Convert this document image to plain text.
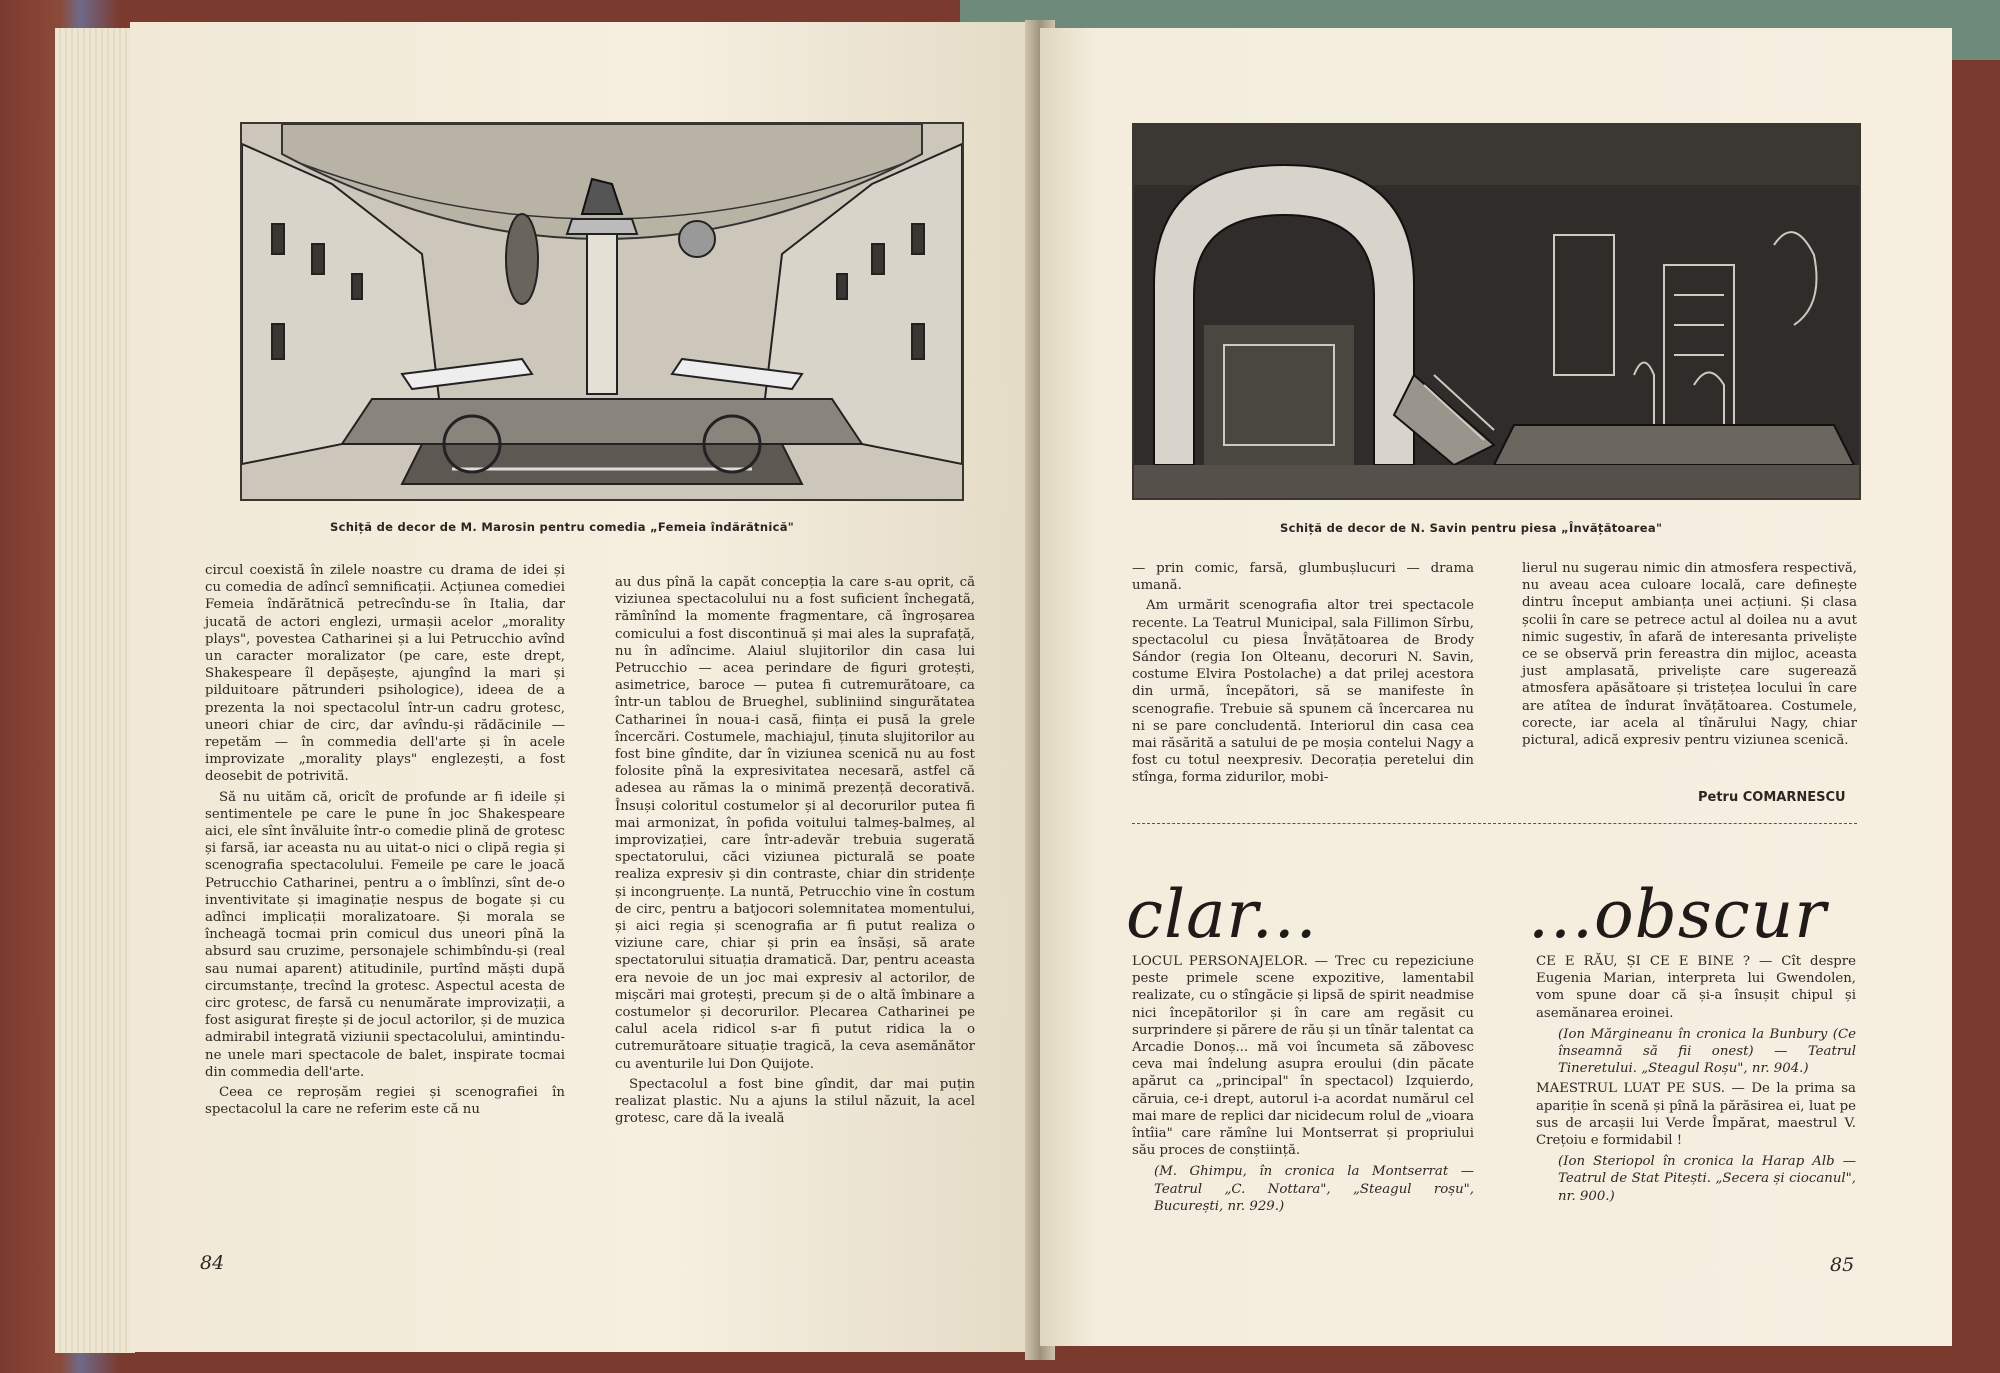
Schiță de decor de M. Marosin pentru comedia „Femeia îndărătnică"

circul coexistă în zilele noastre cu drama de idei și cu comedia de adîncî semnificații. Acțiunea comediei Femeia îndărătnică petrecîndu-se în Italia, dar jucată de actori englezi, urmașii acelor „morality plays", povestea Catharinei și a lui Petrucchio avînd un caracter moralizator (pe care, este drept, Shakespeare îl depășește, ajungînd la mari și pilduitoare pătrunderi psihologice), ideea de a prezenta la noi spectacolul într-un cadru grotesc, uneori chiar de circ, dar avîndu-și rădăcinile — repetăm — în commedia dell'arte și în acele improvizate „morality plays" englezești, a fost deosebit de potrivită.

Să nu uităm că, oricît de profunde ar fi ideile și sentimentele pe care le pune în joc Shakespeare aici, ele sînt învăluite într-o comedie plină de grotesc și farsă, iar aceasta nu au uitat-o nici o clipă regia și scenografia spectacolului. Femeile pe care le joacă Petrucchio Catharinei, pentru a o îmblînzi, sînt de-o inventivitate și imaginație nespus de bogate și cu adînci implicații moralizatoare. Și morala se încheagă tocmai prin comicul dus uneori pînă la absurd sau cruzime, personajele schimbîndu-și (real sau numai aparent) atitudinile, purtînd măști după circumstanțe, trecînd la grotesc. Aspectul acesta de circ grotesc, de farsă cu nenumărate improvizații, a fost asigurat firește și de jocul actorilor, și de muzica admirabil integrată viziunii spectacolului, amintindu-ne unele mari spectacole de balet, inspirate tocmai din commedia dell'arte.

Ceea ce reproșăm regiei și scenografiei în spectacolul la care ne referim este că nu

au dus pînă la capăt concepția la care s-au oprit, că viziunea spectacolului nu a fost suficient închegată, rămînînd la momente fragmentare, că îngroșarea comicului a fost discontinuă și mai ales la suprafață, nu în adîncime. Alaiul slujitorilor din casa lui Petrucchio — acea perindare de figuri grotești, asimetrice, baroce — putea fi cutremurătoare, ca într-un tablou de Brueghel, subliniind singurătatea Catharinei în noua-i casă, ființa ei pusă la grele încercări. Costumele, machiajul, ținuta slujitorilor au fost bine gîndite, dar în viziunea scenică nu au fost folosite pînă la expresivitatea necesară, astfel că adesea au rămas la o minimă prezență decorativă. Însuși coloritul costumelor și al decorurilor putea fi mai armonizat, în pofida voitului talmeș-balmeș, al improvizației, care într-adevăr trebuia sugerată spectatorului, căci viziunea picturală se poate realiza expresiv și din contraste, chiar din stridențe și incongruențe. La nuntă, Petrucchio vine în costum de circ, pentru a batjocori solemnitatea momentului, și aici regia și scenografia ar fi putut realiza o viziune care, chiar și prin ea însăși, să arate spectatorului situația dramatică. Dar, pentru aceasta era nevoie de un joc mai expresiv al actorilor, de mișcări mai grotești, precum și de o altă îmbinare a costumelor și decorurilor. Plecarea Catharinei pe calul acela ridicol s-ar fi putut ridica la o cutremurătoare situație tragică, la ceva asemănător cu aventurile lui Don Quijote.

Spectacolul a fost bine gîndit, dar mai puțin realizat plastic. Nu a ajuns la stilul năzuit, la acel grotesc, care dă la iveală

84
Schiță de decor de N. Savin pentru piesa „Învățătoarea"

— prin comic, farsă, glumbușlucuri — drama umană.

Am urmărit scenografia altor trei spectacole recente. La Teatrul Municipal, sala Fillimon Sîrbu, spectacolul cu piesa Învățătoarea de Brody Sándor (regia Ion Olteanu, decoruri N. Savin, costume Elvira Postolache) a dat prilej acestora din urmă, începători, să se manifeste în scenografie. Trebuie să spunem că încercarea nu ni se pare concludentă. Interiorul din casa cea mai răsărită a satului de pe moșia contelui Nagy a fost cu totul neexpresiv. Decorația peretelui din stînga, forma zidurilor, mobi-

lierul nu sugerau nimic din atmosfera respectivă, nu aveau acea culoare locală, care definește dintru început ambianța unei acțiuni. Și clasa școlii în care se petrece actul al doilea nu a avut nimic sugestiv, în afară de interesanta priveliște ce se observă prin fereastra din mijloc, aceasta just amplasată, priveliște care sugerează atmosfera apăsătoare și tristețea locului în care are atîtea de îndurat învățătoarea. Costumele, corecte, iar acela al tînărului Nagy, chiar pictural, adică expresiv pentru viziunea scenică.

Petru COMARNESCU
clar...	...obscur

LOCUL PERSONAJELOR. — Trec cu repeziciune peste primele scene expozitive, lamentabil realizate, cu o stîngăcie și lipsă de spirit neadmise nici începătorilor și în care am regăsit cu surprindere și părere de rău și un tînăr talentat ca Arcadie Donoș... mă voi încumeta să zăbovesc ceva mai îndelung asupra eroului (din păcate apărut ca „principal" în spectacol) Izquierdo, căruia, ce-i drept, autorul i-a acordat numărul cel mai mare de replici dar nicidecum rolul de „vioara întîia" care rămîne lui Montserrat și propriului său proces de conștiință.

(M. Ghimpu, în cronica la Montserrat — Teatrul „C. Nottara", „Steagul roșu", București, nr. 929.)

CE E RĂU, ȘI CE E BINE ? — Cît despre Eugenia Marian, interpreta lui Gwendolen, vom spune doar că și-a însușit chipul și asemănarea eroinei.

(Ion Mărgineanu în cronica la Bunbury (Ce înseamnă să fii onest) — Teatrul Tineretului. „Steagul Roșu", nr. 904.)

MAESTRUL LUAT PE SUS. — De la prima sa apariție în scenă și pînă la părăsirea ei, luat pe sus de arcașii lui Verde Împărat, maestrul V. Crețoiu e formidabil !

(Ion Steriopol în cronica la Harap Alb — Teatrul de Stat Pitești. „Secera și ciocanul", nr. 900.)

85
